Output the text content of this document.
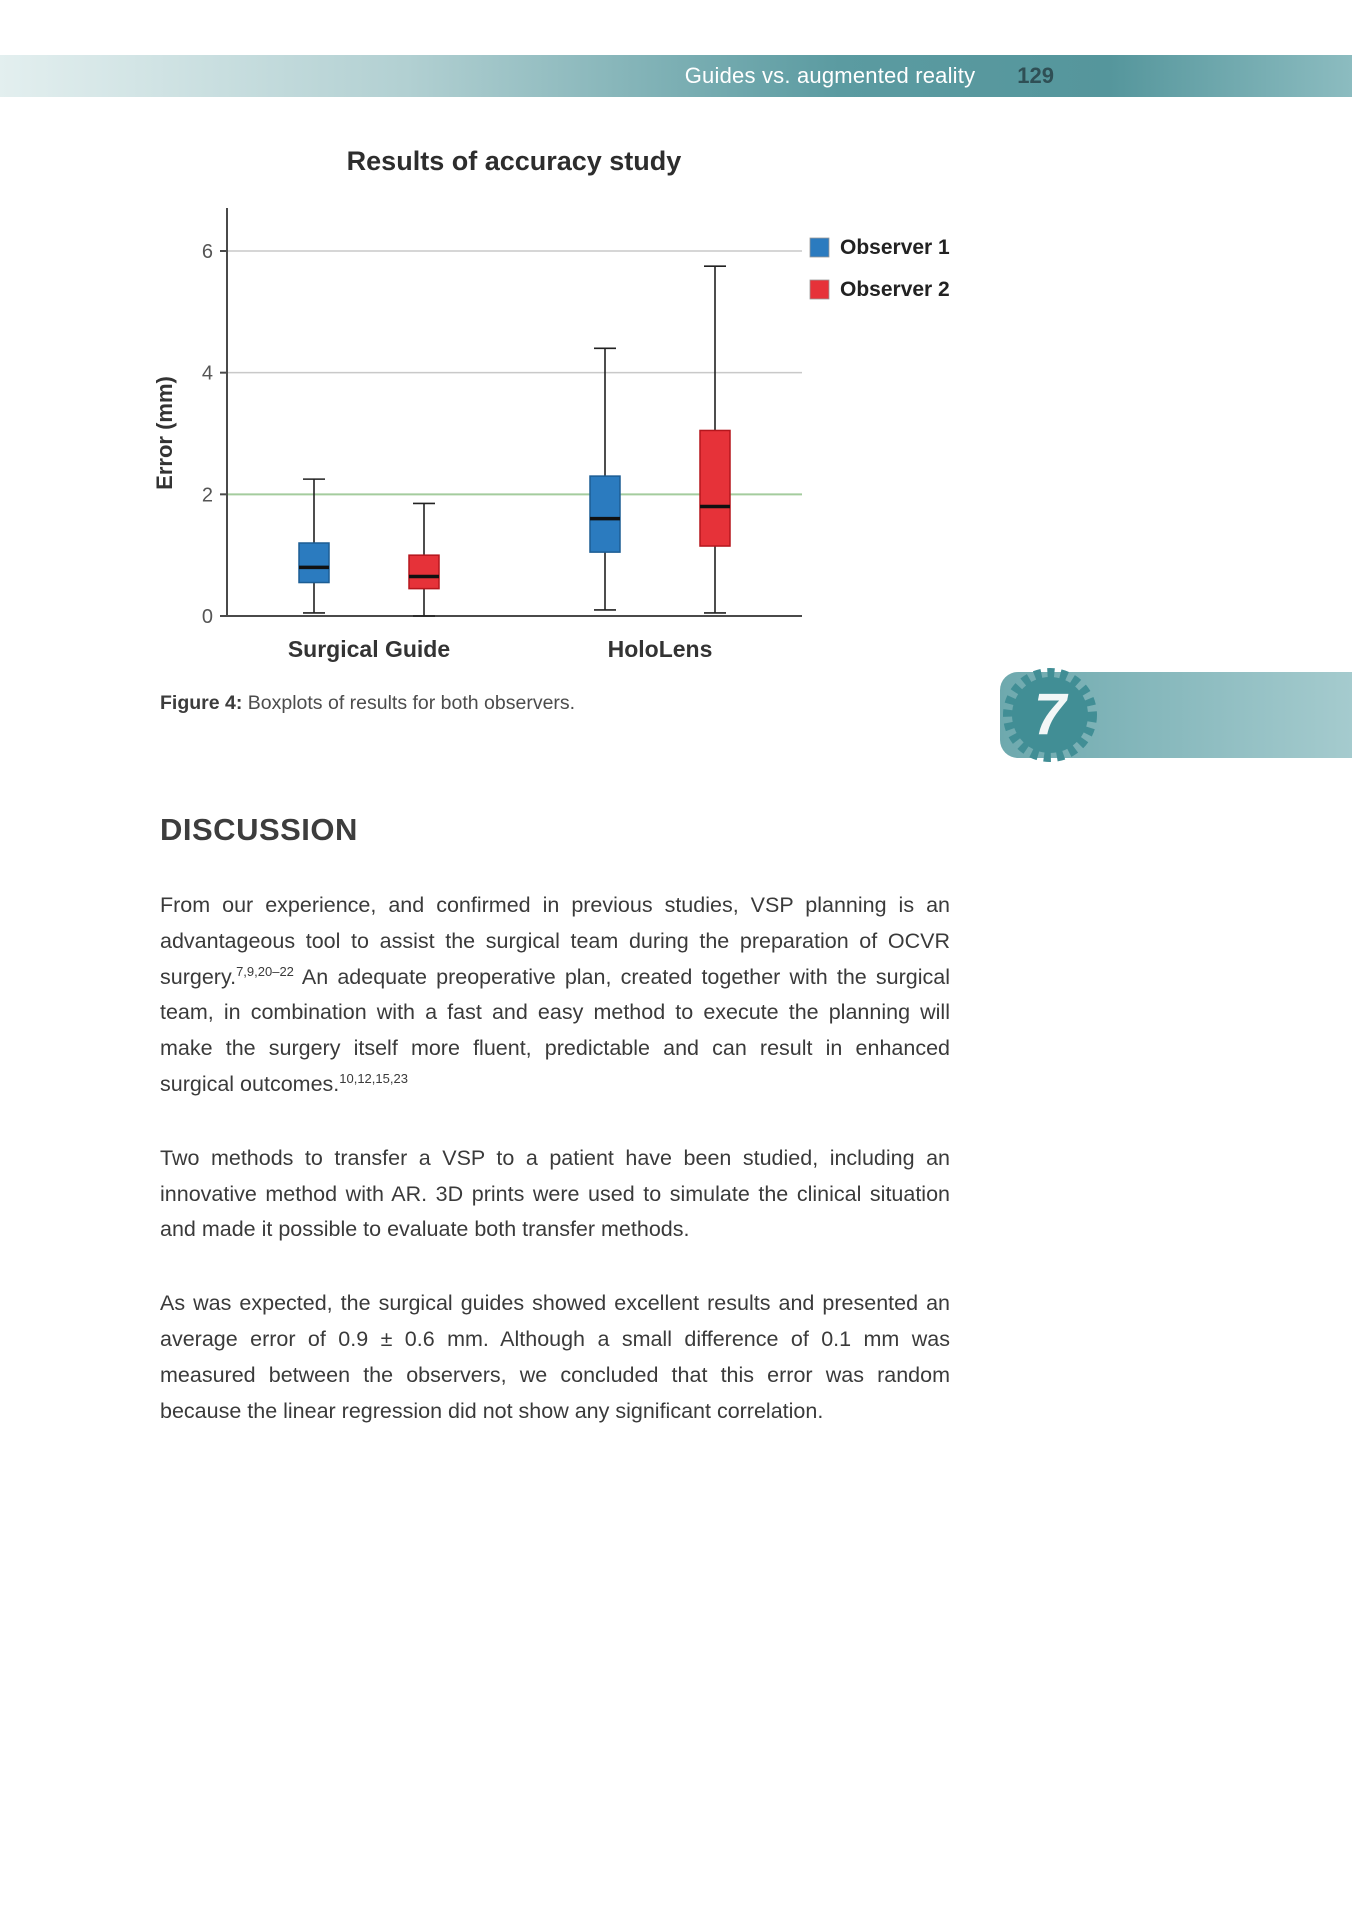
Guides vs. augmented reality 129
0
2
4
6
Results of accuracy study
Error (mm)
Surgical Guide	HoloLens
Observer 1
Observer 2

Figure 4: Boxplots of results for both observers.	7
DISCUSSION

From our experience, and confirmed in previous studies, VSP planning is an advantageous tool to assist the surgical team during the preparation of OCVR surgery.$^{7,9,20-22}$ An adequate preoperative plan, created together with the surgical team, in combination with a fast and easy method to execute the planning will make the surgery itself more fluent, predictable and can result in enhanced surgical outcomes.$^{10,12,15,23}$

Two methods to transfer a VSP to a patient have been studied, including an innovative method with AR. 3D prints were used to simulate the clinical situation and made it possible to evaluate both transfer methods.

As was expected, the surgical guides showed excellent results and presented an average error of 0.9 ± 0.6 mm. Although a small difference of 0.1 mm was measured between the observers, we concluded that this error was random because the linear regression did not show any significant correlation.
